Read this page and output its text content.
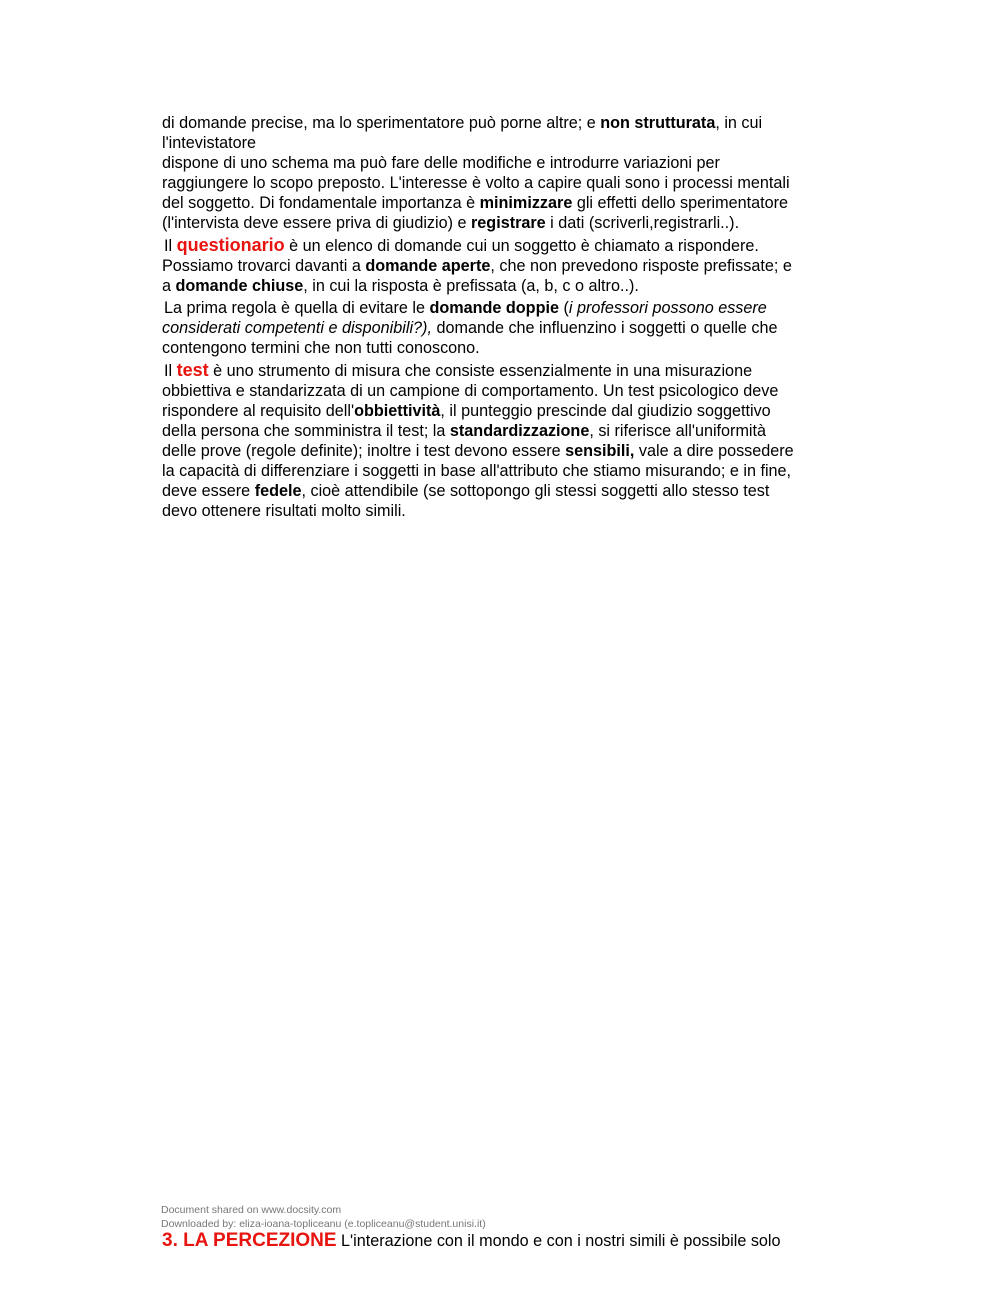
di domande precise, ma lo sperimentatore può porne altre; e non strutturata, in cui
l'intevistatore
dispone di uno schema ma può fare delle modifiche e introdurre variazioni per
raggiungere lo scopo preposto. L'interesse è volto a capire quali sono i processi mentali
del soggetto. Di fondamentale importanza è minimizzare gli effetti dello sperimentatore
(l'intervista deve essere priva di giudizio) e registrare i dati (scriverli,registrarli..).
Il questionario è un elenco di domande cui un soggetto è chiamato a rispondere.
Possiamo trovarci davanti a domande aperte, che non prevedono risposte prefissate; e
a domande chiuse, in cui la risposta è prefissata (a, b, c o altro..).
La prima regola è quella di evitare le domande doppie (i professori possono essere
considerati competenti e disponibili?), domande che influenzino i soggetti o quelle che
contengono termini che non tutti conoscono.
Il test è uno strumento di misura che consiste essenzialmente in una misurazione
obbiettiva e standarizzata di un campione di comportamento. Un test psicologico deve
rispondere al requisito dell'obbiettività, il punteggio prescinde dal giudizio soggettivo
della persona che somministra il test; la standardizzazione, si riferisce all'uniformità
delle prove (regole definite); inoltre i test devono essere sensibili, vale a dire possedere
la capacità di differenziare i soggetti in base all'attributo che stiamo misurando; e in fine,
deve essere fedele, cioè attendibile (se sottopongo gli stessi soggetti allo stesso test
devo ottenere risultati molto simili.
Document shared on www.docsity.com
Downloaded by: eliza-ioana-topliceanu (e.topliceanu@student.unisi.it)
3. LA PERCEZIONE L'interazione con il mondo e con i nostri simili è possibile solo
